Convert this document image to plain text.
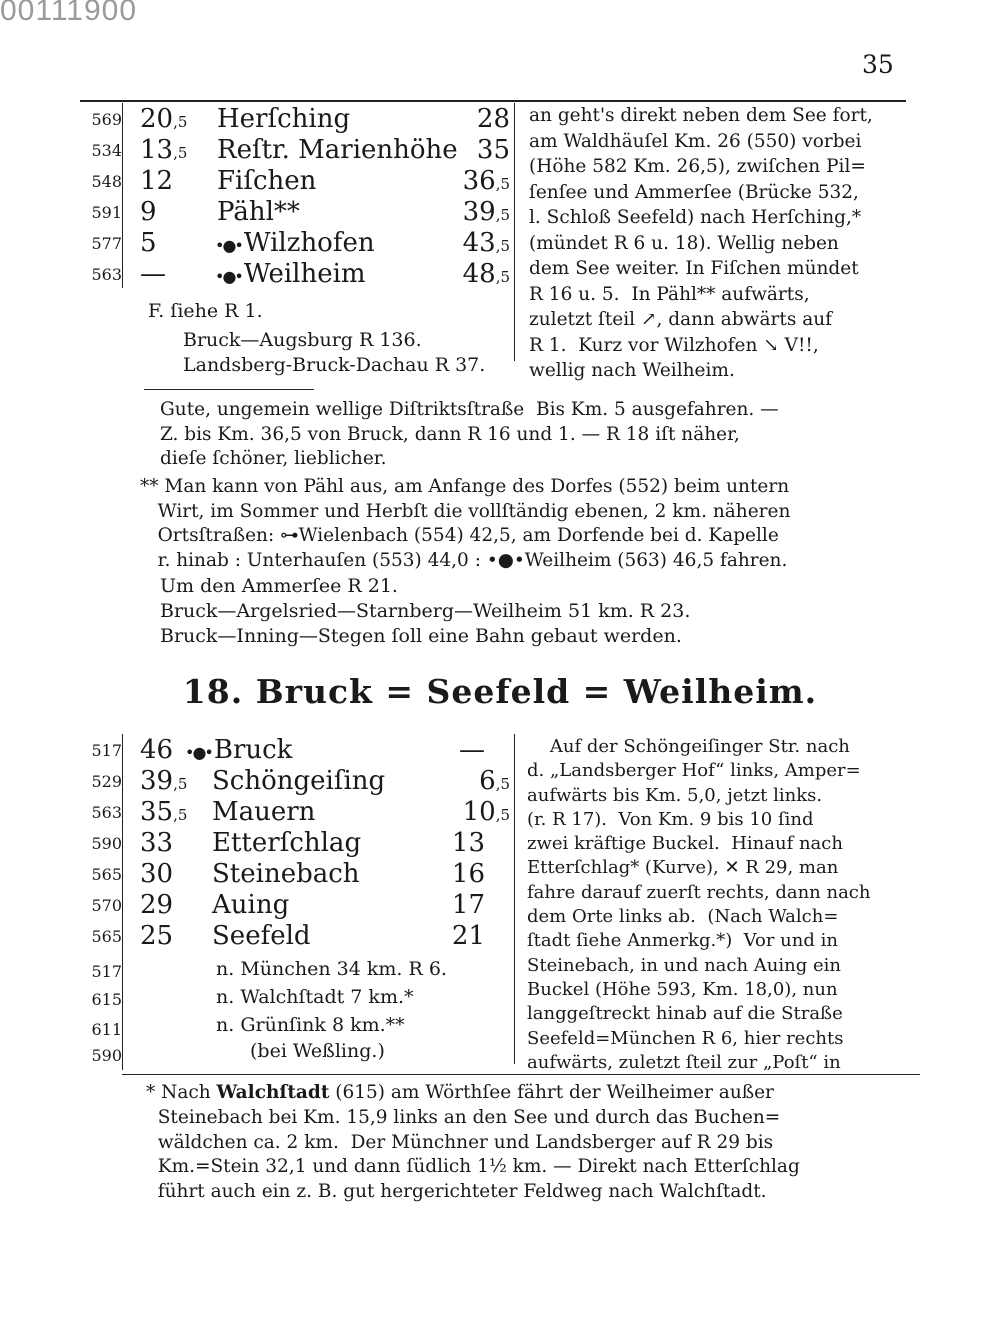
00111900
35
569 20,5 Herſching	28
534 13,5 Reſtr. Marienhöhe 35
548 12 Fiſchen	36,5
591 9 Pähl**	39,5
577 5	•●•Wilzhofen	43,5
563 —	•●•Weilheim	48,5
F. ſiehe R 1.
Bruck—Augsburg R 136.
Landsberg-Bruck-Dachau R 37.
an geht's direkt neben dem See fort,
am Waldhäuſel Km. 26 (550) vorbei
(Höhe 582 Km. 26,5), zwiſchen Pil=
ſenſee und Ammerſee (Brücke 532,
l. Schloß Seefeld) nach Herſching,*
(mündet R 6 u. 18). Wellig neben
dem See weiter. In Fiſchen mündet
R 16 u. 5.  In Pähl** aufwärts,
zuletzt ſteil ↗, dann abwärts auf
R 1.  Kurz vor Wilzhofen ↘ V!!,
wellig nach Weilheim.
Gute, ungemein wellige Diſtriktsſtraße  Bis Km. 5 ausgefahren. —
Z. bis Km. 36,5 von Bruck, dann R 16 und 1. — R 18 iſt näher,
dieſe ſchöner, lieblicher.
** Man kann von Pähl aus, am Anfange des Dorfes (552) beim untern
Wirt, im Sommer und Herbſt die vollſtändig ebenen, 2 km. näheren
Ortsſtraßen: ⊶Wielenbach (554) 42,5, am Dorfende bei d. Kapelle
r. hinab : Unterhauſen (553) 44,0 : •●•Weilheim (563) 46,5 fahren.
Um den Ammerſee R 21.
Bruck—Argelsried—Starnberg—Weilheim 51 km. R 23.
Bruck—Inning—Stegen ſoll eine Bahn gebaut werden.
18. Bruck = Seefeld = Weilheim.
517 46 •●•Bruck	—
529 39,5 Schöngeiſing	6,5
563 35,5 Mauern	10,5
590 33 Etterſchlag	13
565 30 Steinebach	16
570 29 Auing	17
565 25 Seefeld	21
517	n. München 34 km. R 6.
615	n. Walchſtadt 7 km.*
611	n. Grünſink 8 km.**
590	(bei Weßling.)
Auf der Schöngeiſinger Str. nach
d. „Landsberger Hof“ links, Amper=
aufwärts bis Km. 5,0, jetzt links.
(r. R 17).  Von Km. 9 bis 10 ſind
zwei kräftige Buckel.  Hinauf nach
Etterſchlag* (Kurve), ✕ R 29, man
fahre darauf zuerſt rechts, dann nach
dem Orte links ab.  (Nach Walch=
ſtadt ſiehe Anmerkg.*)  Vor und in
Steinebach, in und nach Auing ein
Buckel (Höhe 593, Km. 18,0), nun
langgeſtreckt hinab auf die Straße
Seefeld=München R 6, hier rechts
aufwärts, zuletzt ſteil zur „Poſt“ in
* Nach Walchſtadt (615) am Wörthſee fährt der Weilheimer außer
Steinebach bei Km. 15,9 links an den See und durch das Buchen=
wäldchen ca. 2 km.  Der Münchner und Landsberger auf R 29 bis
Km.=Stein 32,1 und dann ſüdlich 1½ km. — Direkt nach Etterſchlag
führt auch ein z. B. gut hergerichteter Feldweg nach Walchſtadt.
